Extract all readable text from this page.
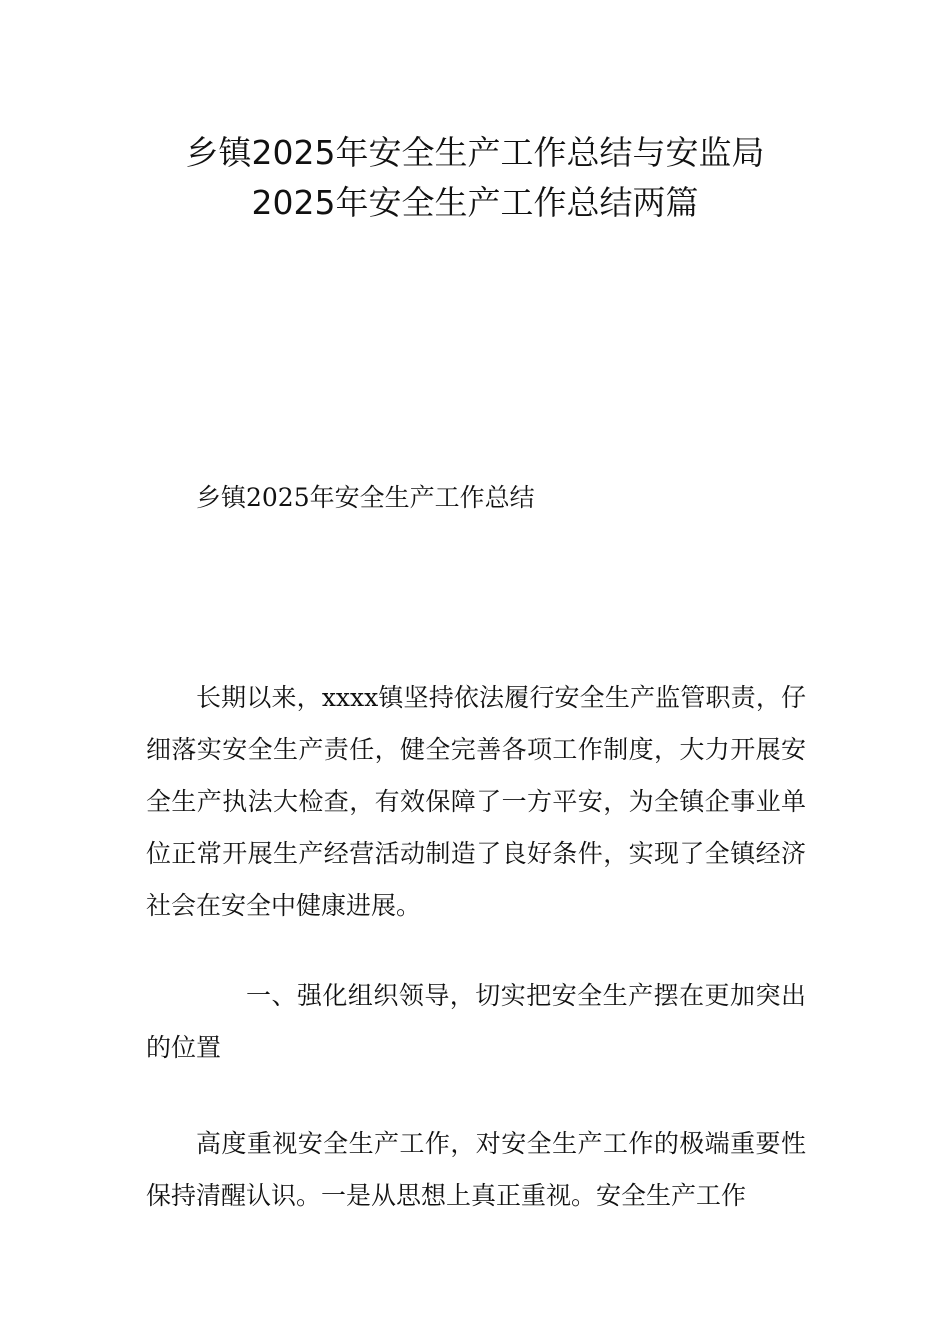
乡镇2025年安全生产工作总结与安监局
2025年安全生产工作总结两篇
乡镇2025年安全生产工作总结
长期以来，xxxx镇坚持依法履行安全生产监管职责，仔细落实安全生产责任，健全完善各项工作制度，大力开展安全生产执法大检查，有效保障了一方平安，为全镇企事业单位正常开展生产经营活动制造了良好条件，实现了全镇经济社会在安全中健康进展。
一、强化组织领导，切实把安全生产摆在更加突出的位置
高度重视安全生产工作，对安全生产工作的极端重要性保持清醒认识。一是从思想上真正重视。安全生产工作
